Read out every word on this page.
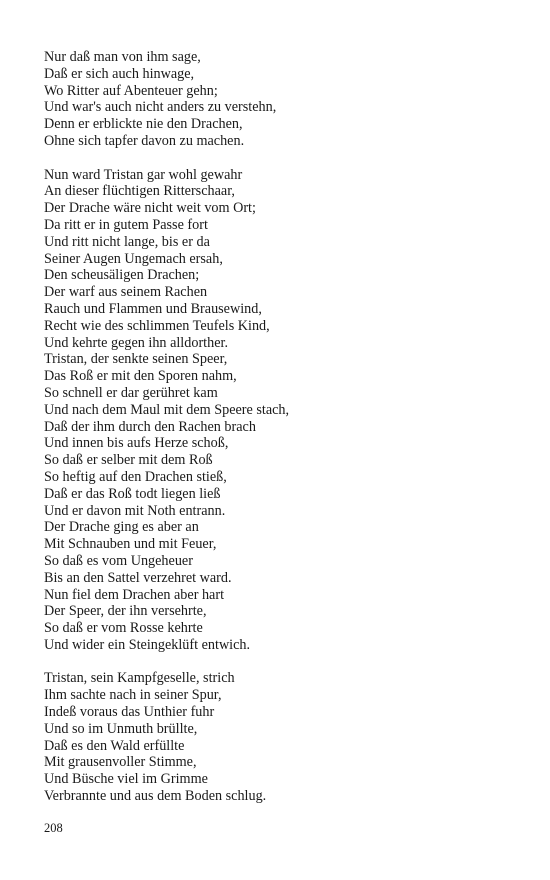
Nur daß man von ihm sage,
Daß er sich auch hinwage,
Wo Ritter auf Abenteuer gehn;
Und war's auch nicht anders zu verstehn,
Denn er erblickte nie den Drachen,
Ohne sich tapfer davon zu machen.
Nun ward Tristan gar wohl gewahr
An dieser flüchtigen Ritterschaar,
Der Drache wäre nicht weit vom Ort;
Da ritt er in gutem Passe fort
Und ritt nicht lange, bis er da
Seiner Augen Ungemach ersah,
Den scheusäligen Drachen;
Der warf aus seinem Rachen
Rauch und Flammen und Brausewind,
Recht wie des schlimmen Teufels Kind,
Und kehrte gegen ihn alldorther.
Tristan, der senkte seinen Speer,
Das Roß er mit den Sporen nahm,
So schnell er dar gerühret kam
Und nach dem Maul mit dem Speere stach,
Daß der ihm durch den Rachen brach
Und innen bis aufs Herze schoß,
So daß er selber mit dem Roß
So heftig auf den Drachen stieß,
Daß er das Roß todt liegen ließ
Und er davon mit Noth entrann.
Der Drache ging es aber an
Mit Schnauben und mit Feuer,
So daß es vom Ungeheuer
Bis an den Sattel verzehret ward.
Nun fiel dem Drachen aber hart
Der Speer, der ihn versehrte,
So daß er vom Rosse kehrte
Und wider ein Steingeklüft entwich.
Tristan, sein Kampfgeselle, strich
Ihm sachte nach in seiner Spur,
Indeß voraus das Unthier fuhr
Und so im Unmuth brüllte,
Daß es den Wald erfüllte
Mit grausenvoller Stimme,
Und Büsche viel im Grimme
Verbrannte und aus dem Boden schlug.
208
